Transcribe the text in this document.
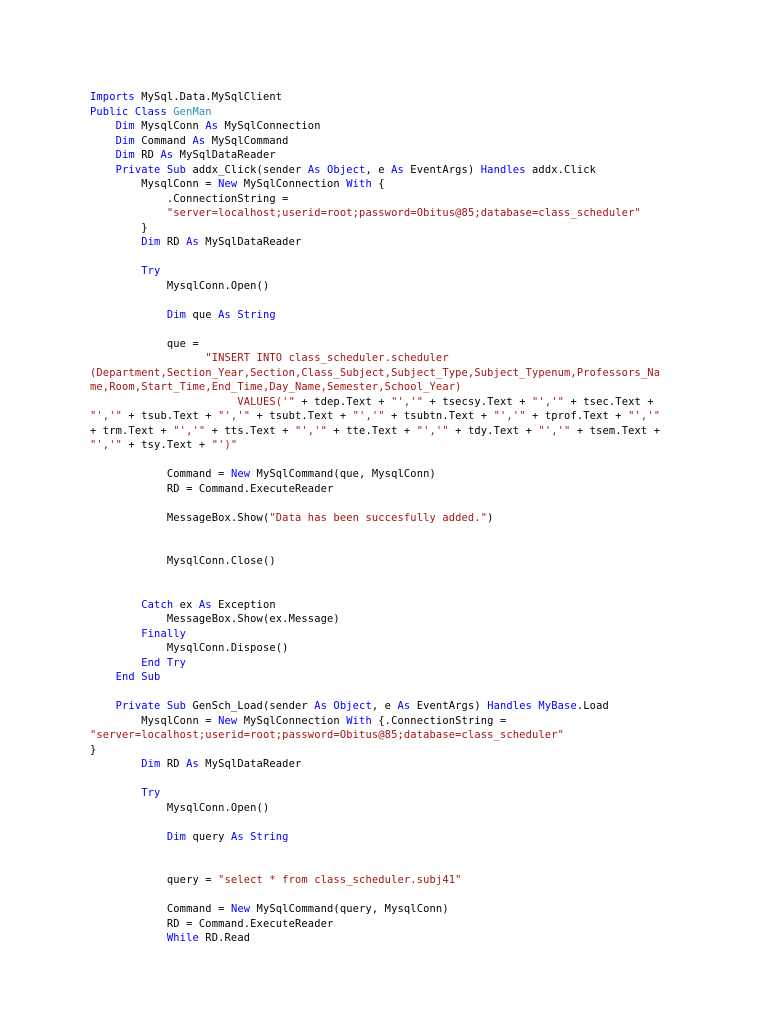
Imports MySql.Data.MySqlClient
Public Class GenMan
Dim MysqlConn As MySqlConnection
Dim Command As MySqlCommand
Dim RD As MySqlDataReader
Private Sub addx_Click(sender As Object, e As EventArgs) Handles addx.Click
MysqlConn = New MySqlConnection With {
.ConnectionString =
"server=localhost;userid=root;password=Obitus@85;database=class_scheduler"
}
Dim RD As MySqlDataReader

Try
MysqlConn.Open()

Dim que As String

que =
"INSERT INTO class_scheduler.scheduler
(Department,Section_Year,Section,Class_Subject,Subject_Type,Subject_Typenum,Professors_Na
me,Room,Start_Time,End_Time,Day_Name,Semester,School_Year)
VALUES('" + tdep.Text + "','" + tsecsy.Text + "','" + tsec.Text +
"','" + tsub.Text + "','" + tsubt.Text + "','" + tsubtn.Text + "','" + tprof.Text + "','"
+ trm.Text + "','" + tts.Text + "','" + tte.Text + "','" + tdy.Text + "','" + tsem.Text +
"','" + tsy.Text + "')"

Command = New MySqlCommand(que, MysqlConn)
RD = Command.ExecuteReader

MessageBox.Show("Data has been succesfully added.")

MysqlConn.Close()

Catch ex As Exception
MessageBox.Show(ex.Message)
Finally
MysqlConn.Dispose()
End Try
End Sub

Private Sub GenSch_Load(sender As Object, e As EventArgs) Handles MyBase.Load
MysqlConn = New MySqlConnection With {.ConnectionString =
"server=localhost;userid=root;password=Obitus@85;database=class_scheduler"
}
Dim RD As MySqlDataReader

Try
MysqlConn.Open()

Dim query As String

query = "select * from class_scheduler.subj41"

Command = New MySqlCommand(query, MysqlConn)
RD = Command.ExecuteReader
While RD.Read
